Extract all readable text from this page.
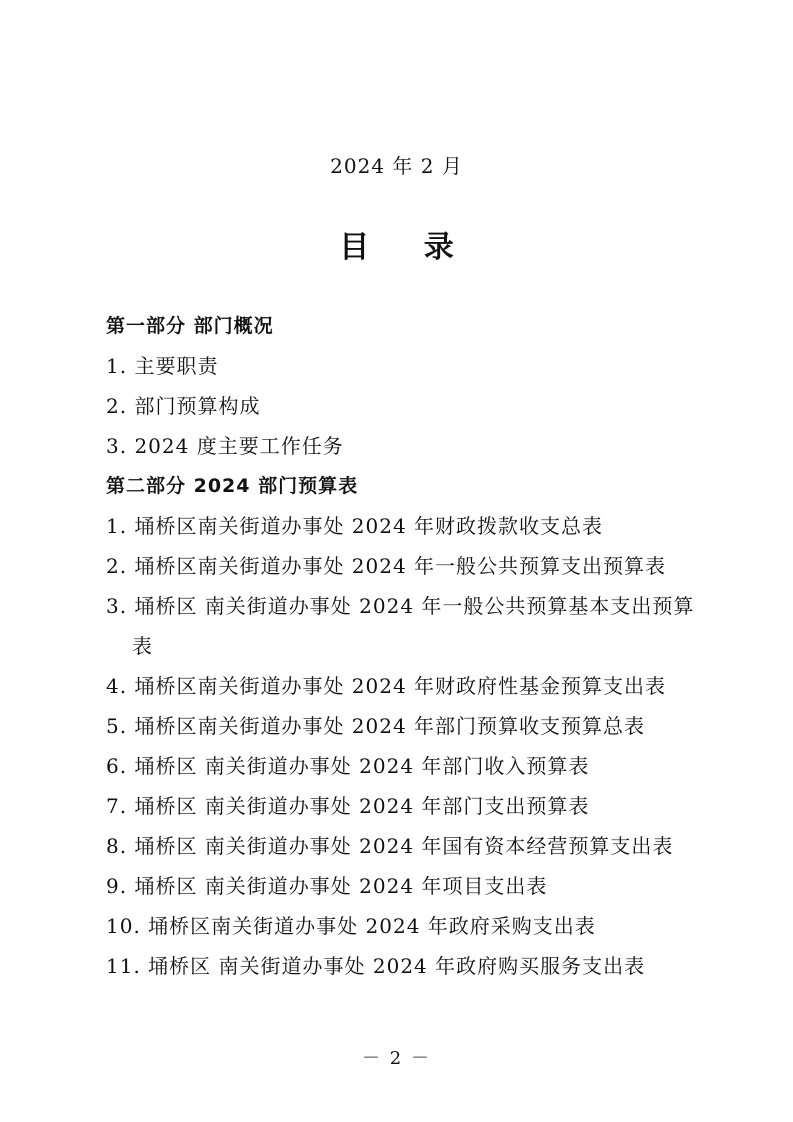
2024 年 2 月
目 录
第一部分 部门概况
1. 主要职责
2. 部门预算构成
3. 2024 度主要工作任务
第二部分 2024 部门预算表
1. 埇桥区南关街道办事处 2024 年财政拨款收支总表
2. 埇桥区南关街道办事处 2024 年一般公共预算支出预算表
3. 埇桥区 南关街道办事处 2024 年一般公共预算基本支出预算表
4. 埇桥区南关街道办事处 2024 年财政府性基金预算支出表
5. 埇桥区南关街道办事处 2024 年部门预算收支预算总表
6. 埇桥区 南关街道办事处 2024 年部门收入预算表
7. 埇桥区 南关街道办事处 2024 年部门支出预算表
8. 埇桥区 南关街道办事处 2024 年国有资本经营预算支出表
9. 埇桥区 南关街道办事处 2024 年项目支出表
10. 埇桥区南关街道办事处 2024 年政府采购支出表
11. 埇桥区 南关街道办事处 2024 年政府购买服务支出表
－ 2 －
